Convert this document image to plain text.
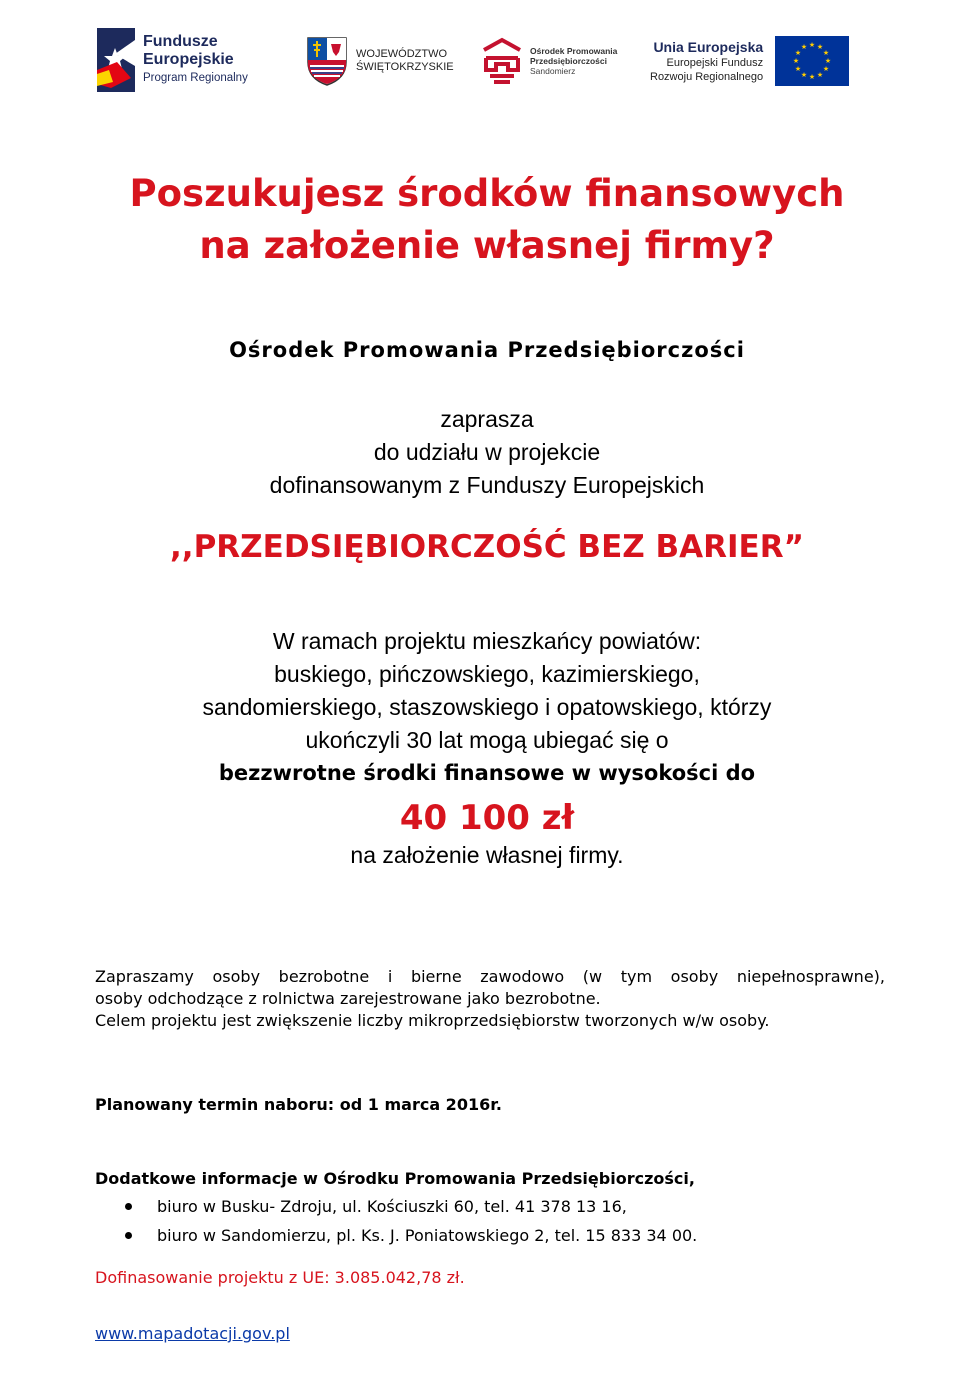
Fundusze
Europejskie
Program Regionalny
WOJEWÓDZTWO
ŚWIĘTOKRZYSKIE
Ośrodek Promowania
Przedsiębiorczości
Sandomierz
Unia Europejska
Europejski Fundusz
Rozwoju Regionalnego
★ ★
★
★
★
★
★
★
★
★
★
★
Poszukujesz środków finansowych
na założenie własnej firmy?
Ośrodek Promowania Przedsiębiorczości
zaprasza
do udziału w projekcie
dofinansowanym z Funduszy Europejskich
,,PRZEDSIĘBIORCZOŚĆ BEZ BARIER”
W ramach projektu mieszkańcy powiatów:
buskiego, pińczowskiego, kazimierskiego,
sandomierskiego, staszowskiego i opatowskiego, którzy
ukończyli 30 lat mogą ubiegać się o
bezzwrotne środki finansowe w wysokości do
40 100 zł
na założenie własnej firmy.
Zapraszamy osoby bezrobotne i bierne zawodowo (w tym osoby niepełnosprawne),
osoby odchodzące z rolnictwa zarejestrowane jako bezrobotne.
Celem projektu jest zwiększenie liczby mikroprzedsiębiorstw tworzonych w/w osoby.
Planowany termin naboru: od 1 marca 2016r.
Dodatkowe informacje w Ośrodku Promowania Przedsiębiorczości,
biuro w Busku- Zdroju, ul. Kościuszki 60, tel. 41 378 13 16,
biuro w Sandomierzu, pl. Ks. J. Poniatowskiego 2, tel. 15 833 34 00.
Dofinasowanie projektu z UE: 3.085.042,78 zł.
www.mapadotacji.gov.pl
